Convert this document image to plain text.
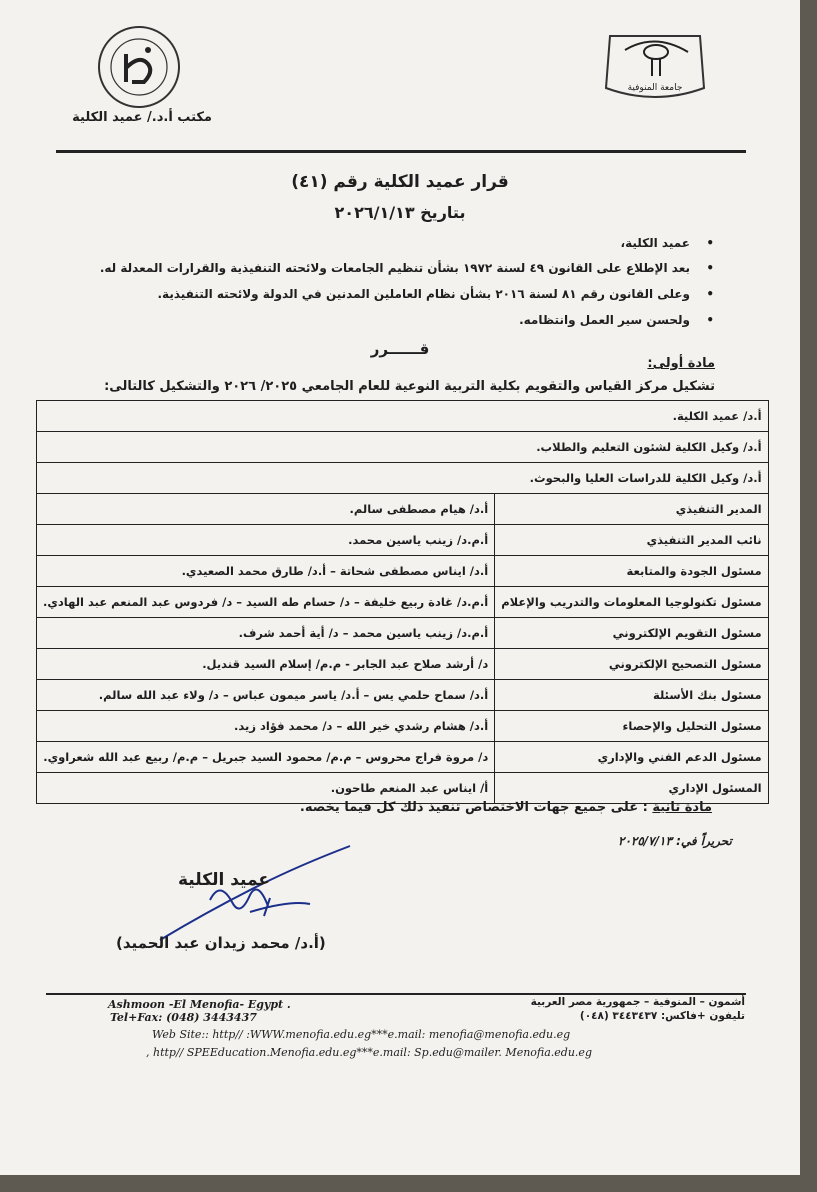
جامعة المنوفية
مكتب أ.د./ عميد الكلية
قرار عميد الكلية رقم (٤١)
بتاريخ ٢٠٢٦/١/١٣
• عميد الكلية،
• بعد الإطلاع على القانون ٤٩ لسنة ١٩٧٢ بشأن تنظيم الجامعات ولائحته التنفيذية والقرارات المعدلة له.
• وعلى القانون رقم ٨١ لسنة ٢٠١٦ بشأن نظام العاملين المدنين في الدولة ولائحته التنفيذية.
• ولحسن سير العمل وانتظامه.
قــــــرر
مادة أولى:
تشكيل مركز القياس والتقويم بكلية التربية النوعية للعام الجامعي ٢٠٢٥/ ٢٠٢٦ والتشكيل كالتالى:
أ.د/ عميد الكلية.	
أ.د/ وكيل الكلية لشئون التعليم والطلاب.	
أ.د/ وكيل الكلية للدراسات العليا والبحوث.	
المدير التنفيذي	أ.د/ هيام مصطفى سالم.
نائب المدير التنفيذي	أ.م.د/ زينب ياسين محمد.
مسئول الجودة والمتابعة	أ.د/ ايناس مصطفى شحاتة – أ.د/ طارق محمد الصعيدي.
مسئول تكنولوجيا المعلومات والتدريب والإعلام	أ.م.د/ غادة ربيع خليفة – د/ حسام طه السيد – د/ فردوس عبد المنعم عبد الهادي.
مسئول التقويم الإلكتروني	أ.م.د/ زينب ياسين محمد – د/ أية أحمد شرف.
مسئول التصحيح الإلكتروني	د/ أرشد صلاح عبد الجابر - م.م/ إسلام السيد قنديل.
مسئول بنك الأسئلة	أ.د/ سماح حلمي يس – أ.د/ ياسر ميمون عباس – د/ ولاء عبد الله سالم.
مسئول التحليل والإحصاء	أ.د/ هشام رشدي خير الله – د/ محمد فؤاد زيد.
مسئول الدعم الفني والإداري	د/ مروة فراج محروس – م.م/ محمود السيد جبريل – م.م/ ربيع عبد الله شعراوي.
المسئول الإداري	أ/ ايناس عبد المنعم طاحون.
مادة ثانية : على جميع جهات الاختصاص تنفيذ ذلك كل فيما يخصه.
تحريراً في: ٢٠٢٥/٧/١٣
عميد الكلية
(أ.د/ محمد زيدان عبد الحميد)
Ashmoon -El Menofia- Egypt .
Tel+Fax: (048) 3443437
أشمون – المنوفية – جمهورية مصر العربية
تليفون +فاكس: ٣٤٤٣٤٣٧ (٠٤٨)
Web Site:: http// :WWW.menofia.edu.eg***e.mail: menofia@menofia.edu.eg
, http// SPEEducation.Menofia.edu.eg***e.mail: Sp.edu@mailer. Menofia.edu.eg
